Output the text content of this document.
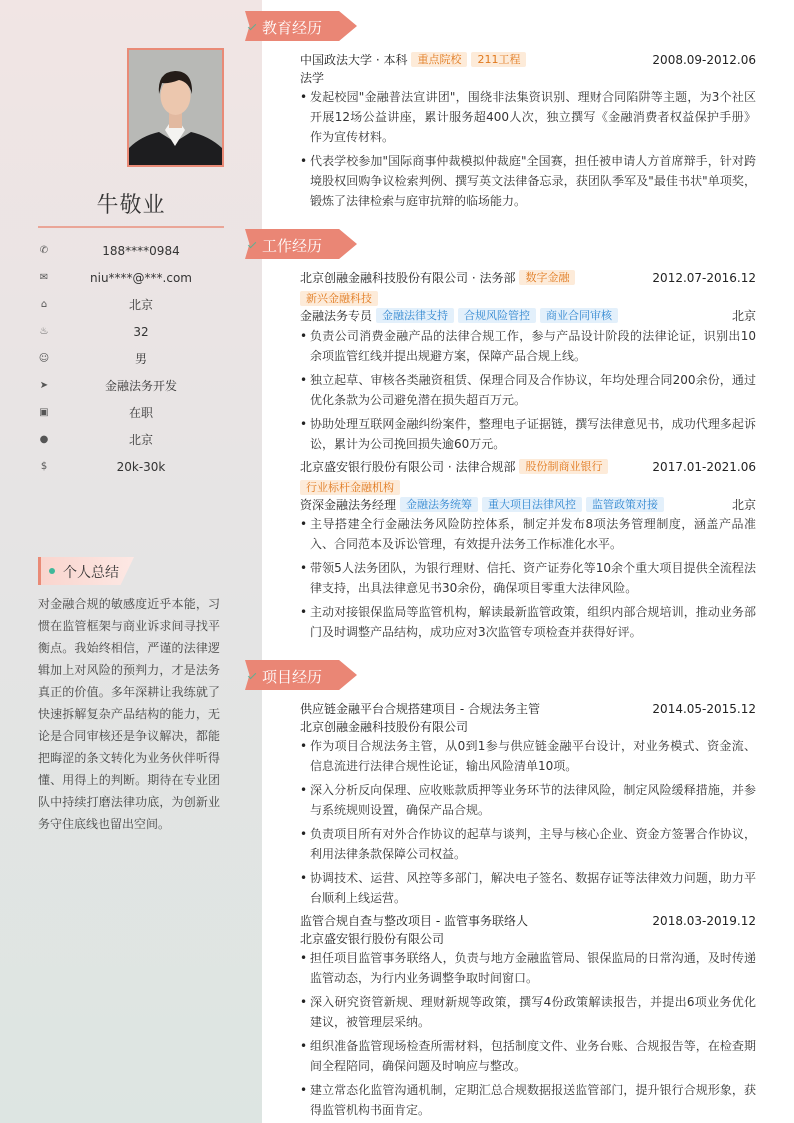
牛敬业
✆	188****0984
✉	niu****@***.com
⌂	北京
♨	32
☺	男
➤	金融法务开发
▣	在职
●	北京
$	20k-30k
个人总结
对金融合规的敏感度近乎本能，习惯在监管框架与商业诉求间寻找平衡点。我始终相信，严谨的法律逻辑加上对风险的预判力，才是法务真正的价值。多年深耕让我练就了快速拆解复杂产品结构的能力，无论是合同审核还是争议解决，都能把晦涩的条文转化为业务伙伴听得懂、用得上的判断。期待在专业团队中持续打磨法律功底，为创新业务守住底线也留出空间。
教育经历
中国政法大学 · 本科 重点院校 211工程	2008.09-2012.06
法学
• 发起校园"金融普法宣讲团"，围绕非法集资识别、理财合同陷阱等主题，为3个社区开展12场公益讲座，累计服务超400人次，独立撰写《金融消费者权益保护手册》作为宣传材料。
• 代表学校参加"国际商事仲裁模拟仲裁庭"全国赛，担任被申请人方首席辩手，针对跨境股权回购争议检索判例、撰写英文法律备忘录，获团队季军及"最佳书状"单项奖，锻炼了法律检索与庭审抗辩的临场能力。
工作经历
北京创融金融科技股份有限公司 · 法务部 数字金融	2012.07-2016.12
新兴金融科技
金融法务专员 金融法律支持 合规风险管控 商业合同审核	北京
• 负责公司消费金融产品的法律合规工作，参与产品设计阶段的法律论证，识别出10余项监管红线并提出规避方案，保障产品合规上线。
• 独立起草、审核各类融资租赁、保理合同及合作协议，年均处理合同200余份，通过优化条款为公司避免潜在损失超百万元。
• 协助处理互联网金融纠纷案件，整理电子证据链，撰写法律意见书，成功代理多起诉讼，累计为公司挽回损失逾60万元。
北京盛安银行股份有限公司 · 法律合规部 股份制商业银行	2017.01-2021.06
行业标杆金融机构
资深金融法务经理 金融法务统筹 重大项目法律风控 监管政策对接	北京
• 主导搭建全行金融法务风险防控体系，制定并发布8项法务管理制度，涵盖产品准入、合同范本及诉讼管理，有效提升法务工作标准化水平。
• 带领5人法务团队，为银行理财、信托、资产证券化等10余个重大项目提供全流程法律支持，出具法律意见书30余份，确保项目零重大法律风险。
• 主动对接银保监局等监管机构，解读最新监管政策，组织内部合规培训，推动业务部门及时调整产品结构，成功应对3次监管专项检查并获得好评。
项目经历
供应链金融平台合规搭建项目 - 合规法务主管	2014.05-2015.12
北京创融金融科技股份有限公司
• 作为项目合规法务主管，从0到1参与供应链金融平台设计，对业务模式、资金流、信息流进行法律合规性论证，输出风险清单10项。
• 深入分析反向保理、应收账款质押等业务环节的法律风险，制定风险缓释措施，并参与系统规则设置，确保产品合规。
• 负责项目所有对外合作协议的起草与谈判，主导与核心企业、资金方签署合作协议，利用法律条款保障公司权益。
• 协调技术、运营、风控等多部门，解决电子签名、数据存证等法律效力问题，助力平台顺利上线运营。
监管合规自查与整改项目 - 监管事务联络人	2018.03-2019.12
北京盛安银行股份有限公司
• 担任项目监管事务联络人，负责与地方金融监管局、银保监局的日常沟通，及时传递监管动态，为行内业务调整争取时间窗口。
• 深入研究资管新规、理财新规等政策，撰写4份政策解读报告，并提出6项业务优化建议，被管理层采纳。
• 组织准备监管现场检查所需材料，包括制度文件、业务台账、合规报告等，在检查期间全程陪同，确保问题及时响应与整改。
• 建立常态化监管沟通机制，定期汇总合规数据报送监管部门，提升银行合规形象，获得监管机构书面肯定。
